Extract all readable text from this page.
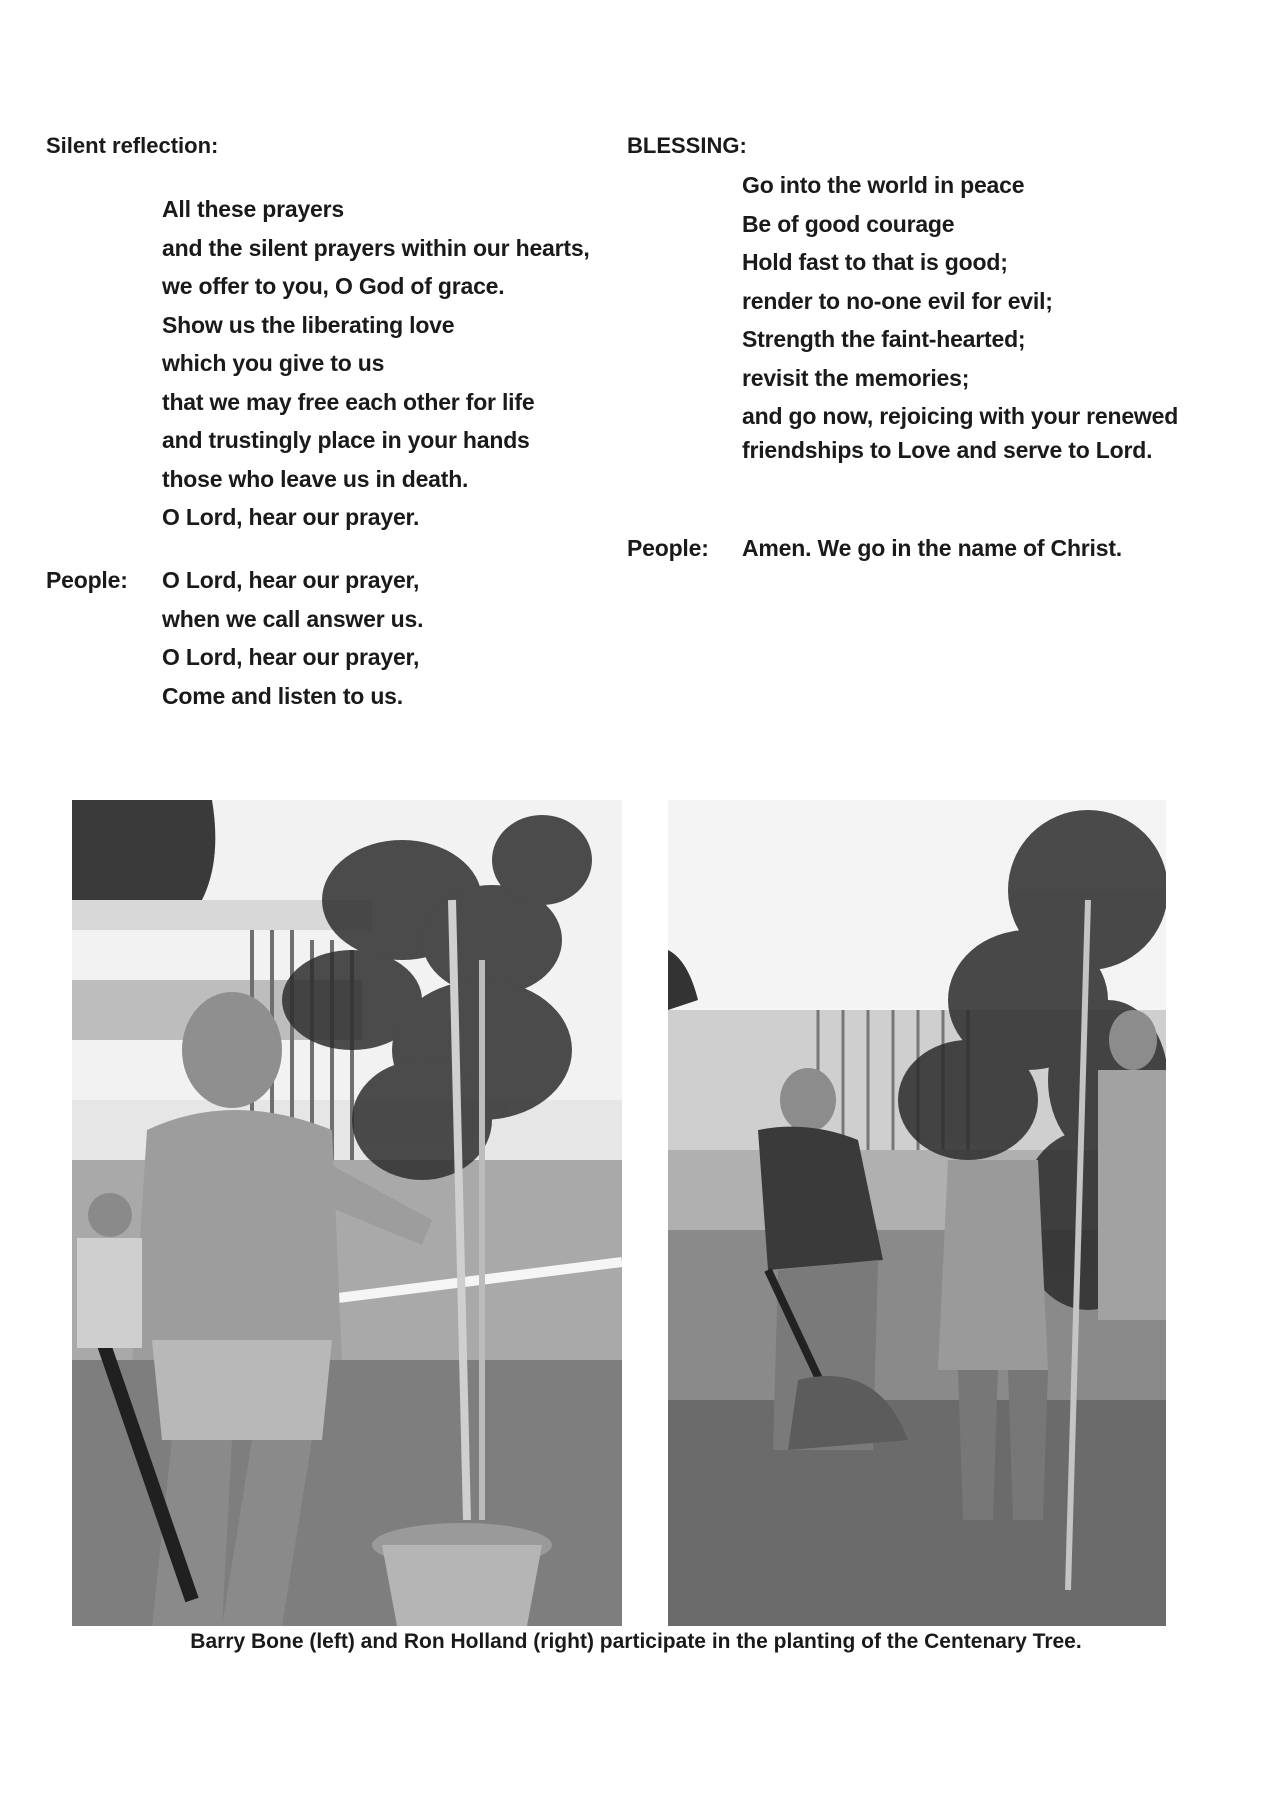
Silent reflection:
All these prayers
and the silent prayers within our hearts,
we offer to you, O God of grace.
Show us the liberating love
which you give to us
that we may free each other for life
and trustingly place in your hands
those who leave us in death.
O Lord, hear our prayer.
People: O Lord, hear our prayer,
when we call answer us.
O Lord, hear our prayer,
Come and listen to us.
BLESSING:
Go into the world in peace
Be of good courage
Hold fast to that is good;
render to no-one evil for evil;
Strength the faint-hearted;
revisit the memories;
and go now, rejoicing with your renewed friendships to Love and serve to Lord.
People: Amen. We go in the name of Christ.
Barry Bone (left) and Ron Holland (right) participate in the planting of the Centenary Tree.
